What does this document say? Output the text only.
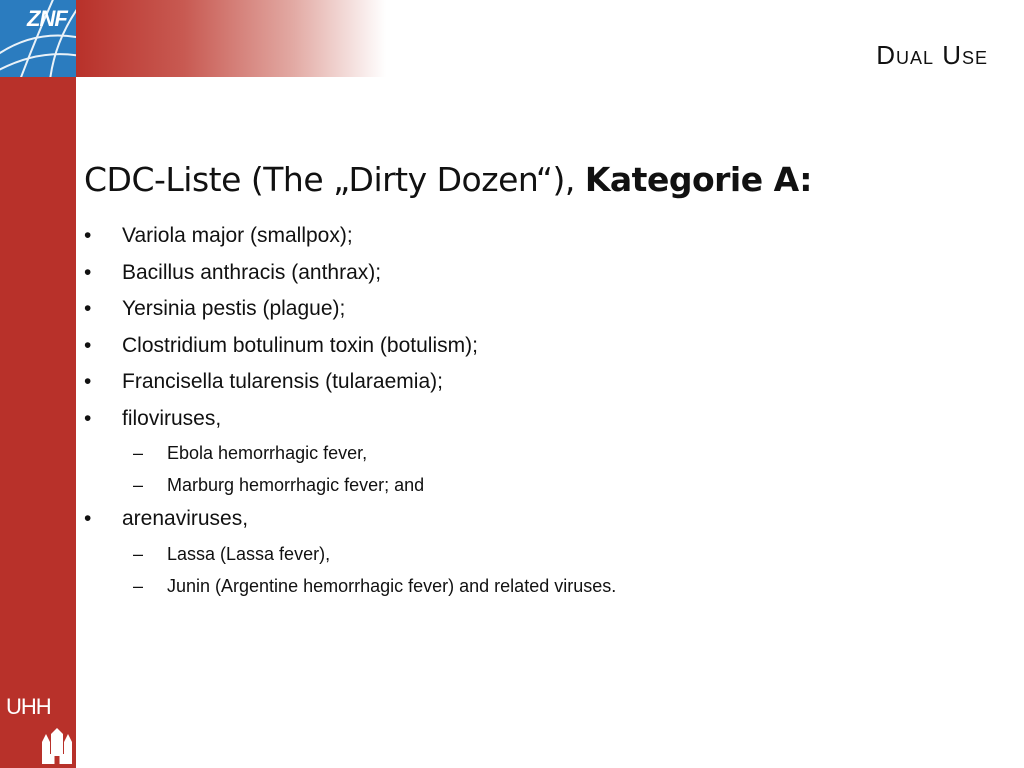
ZNF
Dual Use
CDC-Liste (The „Dirty Dozen“), Kategorie A:
•	Variola major (smallpox);
•	Bacillus anthracis (anthrax);
•	Yersinia pestis (plague);
•	Clostridium botulinum toxin (botulism);
•	Francisella tularensis (tularaemia);
•	filoviruses,
– Ebola hemorrhagic fever,
– Marburg hemorrhagic fever; and
•	arenaviruses,
– Lassa (Lassa fever),
– Junin (Argentine hemorrhagic fever) and related viruses.
UHH
